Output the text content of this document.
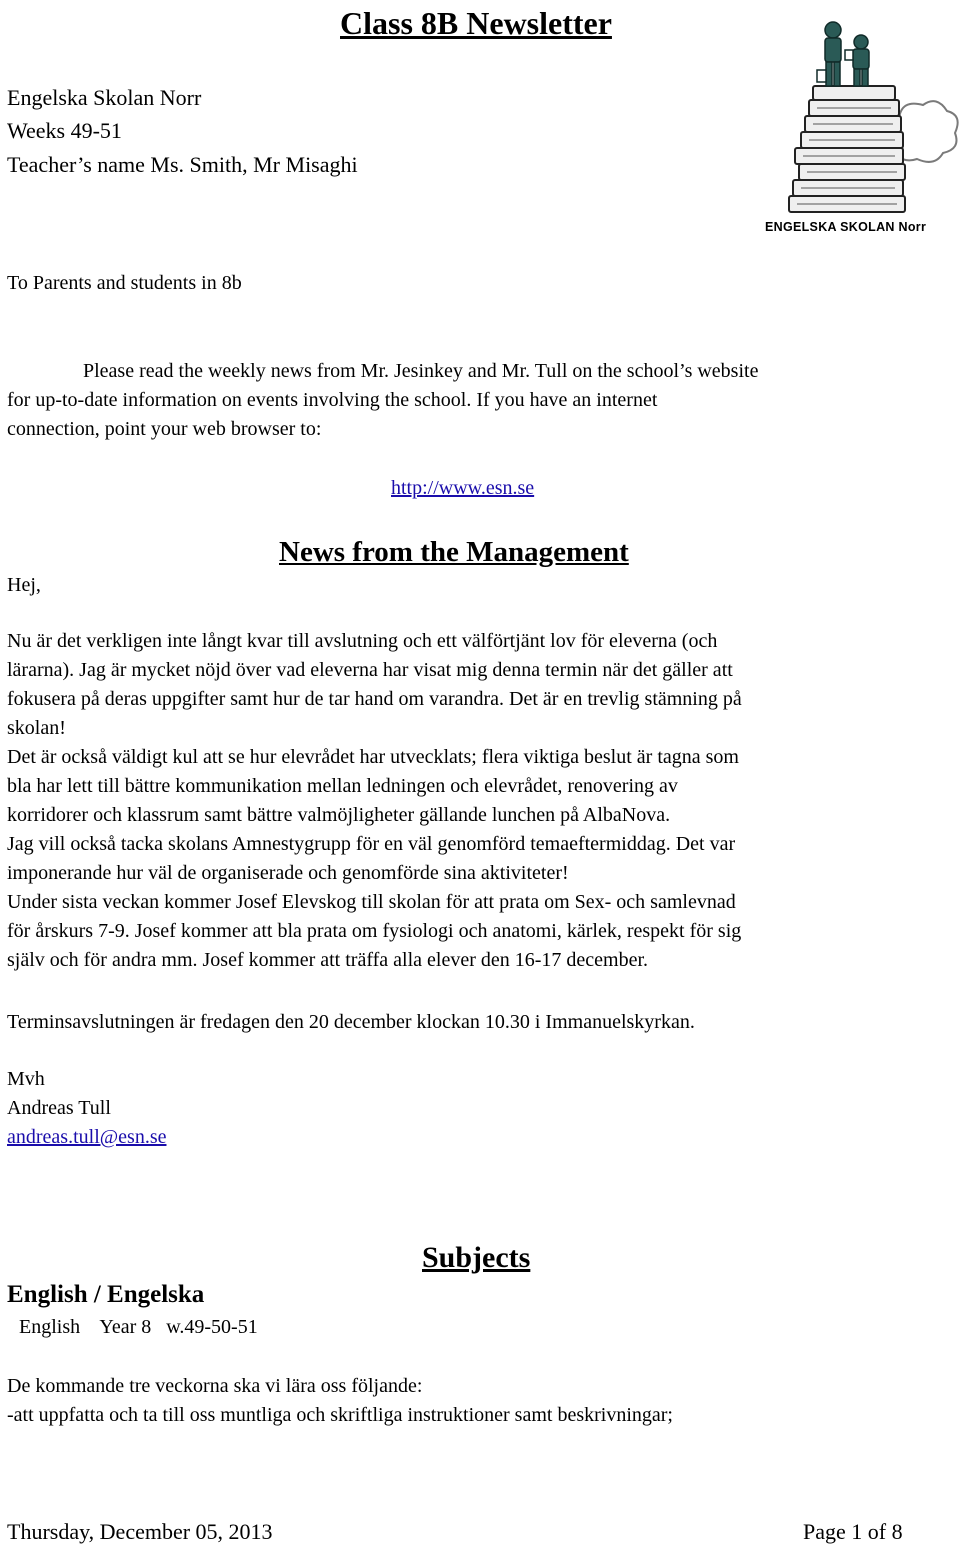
Class 8B Newsletter
Engelska Skolan Norr
Weeks 49-51
Teacher’s name Ms. Smith, Mr Misaghi
ENGELSKA SKOLAN Norr
To Parents and students in 8b
Please read the weekly news from Mr. Jesinkey and Mr. Tull on the school’s website
for up-to-date information on events involving the school. If you have an internet
connection, point your web browser to:
http://www.esn.se
Hej,
News from the Management
Nu är det verkligen inte långt kvar till avslutning och ett välförtjänt lov för eleverna (och
lärarna). Jag är mycket nöjd över vad eleverna har visat mig denna termin när det gäller att
fokusera på deras uppgifter samt hur de tar hand om varandra. Det är en trevlig stämning på
skolan!
Det är också väldigt kul att se hur elevrådet har utvecklats; flera viktiga beslut är tagna som
bla har lett till bättre kommunikation mellan ledningen och elevrådet, renovering av
korridorer och klassrum samt bättre valmöjligheter gällande lunchen på AlbaNova.
Jag vill också tacka skolans Amnestygrupp för en väl genomförd temaeftermiddag. Det var
imponerande hur väl de organiserade och genomförde sina aktiviteter!
Under sista veckan kommer Josef Elevskog till skolan för att prata om Sex- och samlevnad
för årskurs 7-9. Josef kommer att bla prata om fysiologi och anatomi, kärlek, respekt för sig
själv och för andra mm. Josef kommer att träffa alla elever den 16-17 december.
Terminsavslutningen är fredagen den 20 december klockan 10.30 i Immanuelskyrkan.
Mvh
Andreas Tull
andreas.tull@esn.se
Subjects
English / Engelska
English    Year 8   w.49-50-51
De kommande tre veckorna ska vi lära oss följande:
-att uppfatta och ta till oss muntliga och skriftliga instruktioner samt beskrivningar;
Thursday, December 05, 2013	Page 1 of 8
